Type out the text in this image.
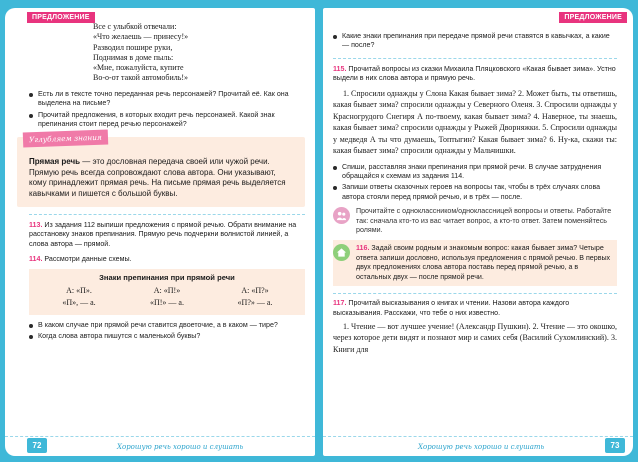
ПРЕДЛОЖЕНИЕ
Все с улыбкой отвечали:
«Что желаешь — принесу!»
Разводил пошире руки,
Поднимая в доме пыль:
«Мне, пожалуйста, купите
Во-о-от такой автомобиль!»
Есть ли в тексте точно переданная речь персонажей? Прочитай её. Как она выделена на письме?
Прочитай предложения, в которых входит речь персонажей. Какой знак препинания стоит перед речью персонажей?
Углубляем знания
Прямая речь — это дословная передача своей или чужой речи. Прямую речь всегда сопровождают слова автора. Они указывают, кому принадлежит прямая речь. На письме прямая речь выделяется кавычками и пишется с большой буквы.
113. Из задания 112 выпиши предложения с прямой речью. Обрати внимание на расстановку знаков препинания. Прямую речь подчеркни волнистой линией, а слова автора — прямой.
114. Рассмотри данные схемы.
Знаки препинания при прямой речи
А: «П».	А: «П!»	А: «П?»
«П», — а.	«П!» — а.	«П?» — а.
В каком случае при прямой речи ставится двоеточие, а в каком — тире?
Когда слова автора пишутся с маленькой буквы?
72	Хорошую речь хорошо и слушать
ПРЕДЛОЖЕНИЕ
Какие знаки препинания при передаче прямой речи ставятся в кавычках, а какие — после?
115. Прочитай вопросы из сказки Михаила Пляцковского «Какая бывает зима». Устно выдели в них слова автора и прямую речь.
1. Спросили однажды у Слона Какая бывает зима? 2. Может быть, ты ответишь, какая бывает зима? спросили однажды у Северного Оленя. 3. Спросили однажды у Красногрудого Снегиря А по-твоему, какая бывает зима? 4. Наверное, ты знаешь, какая бывает зима? спросили однажды у Рыжей Дворняжки. 5. Спросили однажды у медведя А ты что думаешь, Топтыгин? Какая бывает зима? 6. Ну-ка, скажи ты: какая бывает зима? спросили однажды у Мальчишки.
Спиши, расставляя знаки препинания при прямой речи. В случае затруднения обращайся к схемам из задания 114.
Запиши ответы сказочных героев на вопросы так, чтобы в трёх случаях слова автора стояли перед прямой речью, и в трёх — после.
Прочитайте с одноклассником/одноклассницей вопросы и ответы. Работайте так: сначала кто-то из вас читает вопрос, а кто-то ответ. Затем поменяйтесь ролями.
116. Задай своим родным и знакомым вопрос: какая бывает зима? Четыре ответа запиши дословно, используя предложения с прямой речью. В первых двух предложениях слова автора поставь перед прямой речью, а в остальных двух — после прямой речи.
117. Прочитай высказывания о книгах и чтении. Назови автора каждого высказывания. Расскажи, что тебе о них известно.
1. Чтение — вот лучшее учение! (Александр Пушкин). 2. Чтение — это окошко, через которое дети видят и познают мир и самих себя (Василий Сухомлинский). 3. Книги для
Хорошую речь хорошо и слушать	73
